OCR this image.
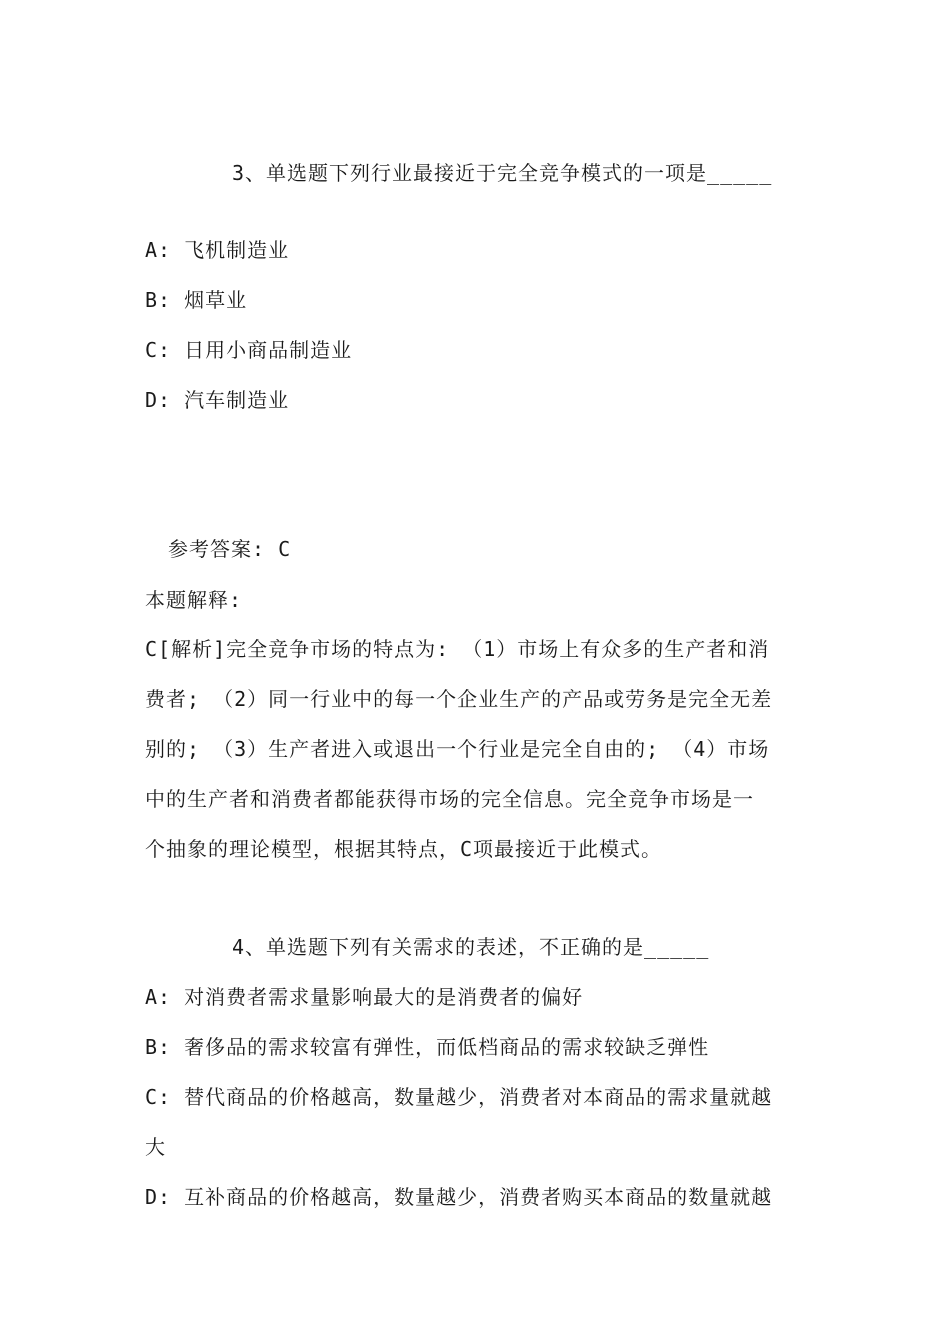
3、单选题下列行业最接近于完全竞争模式的一项是_____
A: 飞机制造业
B: 烟草业
C: 日用小商品制造业
D: 汽车制造业
参考答案: C
本题解释:
C[解析]完全竞争市场的特点为: （1）市场上有众多的生产者和消
费者; （2）同一行业中的每一个企业生产的产品或劳务是完全无差
别的; （3）生产者进入或退出一个行业是完全自由的; （4）市场
中的生产者和消费者都能获得市场的完全信息。完全竞争市场是一
个抽象的理论模型，根据其特点，C项最接近于此模式。
4、单选题下列有关需求的表述，不正确的是_____
A: 对消费者需求量影响最大的是消费者的偏好
B: 奢侈品的需求较富有弹性，而低档商品的需求较缺乏弹性
C: 替代商品的价格越高，数量越少，消费者对本商品的需求量就越
大
D: 互补商品的价格越高，数量越少，消费者购买本商品的数量就越
